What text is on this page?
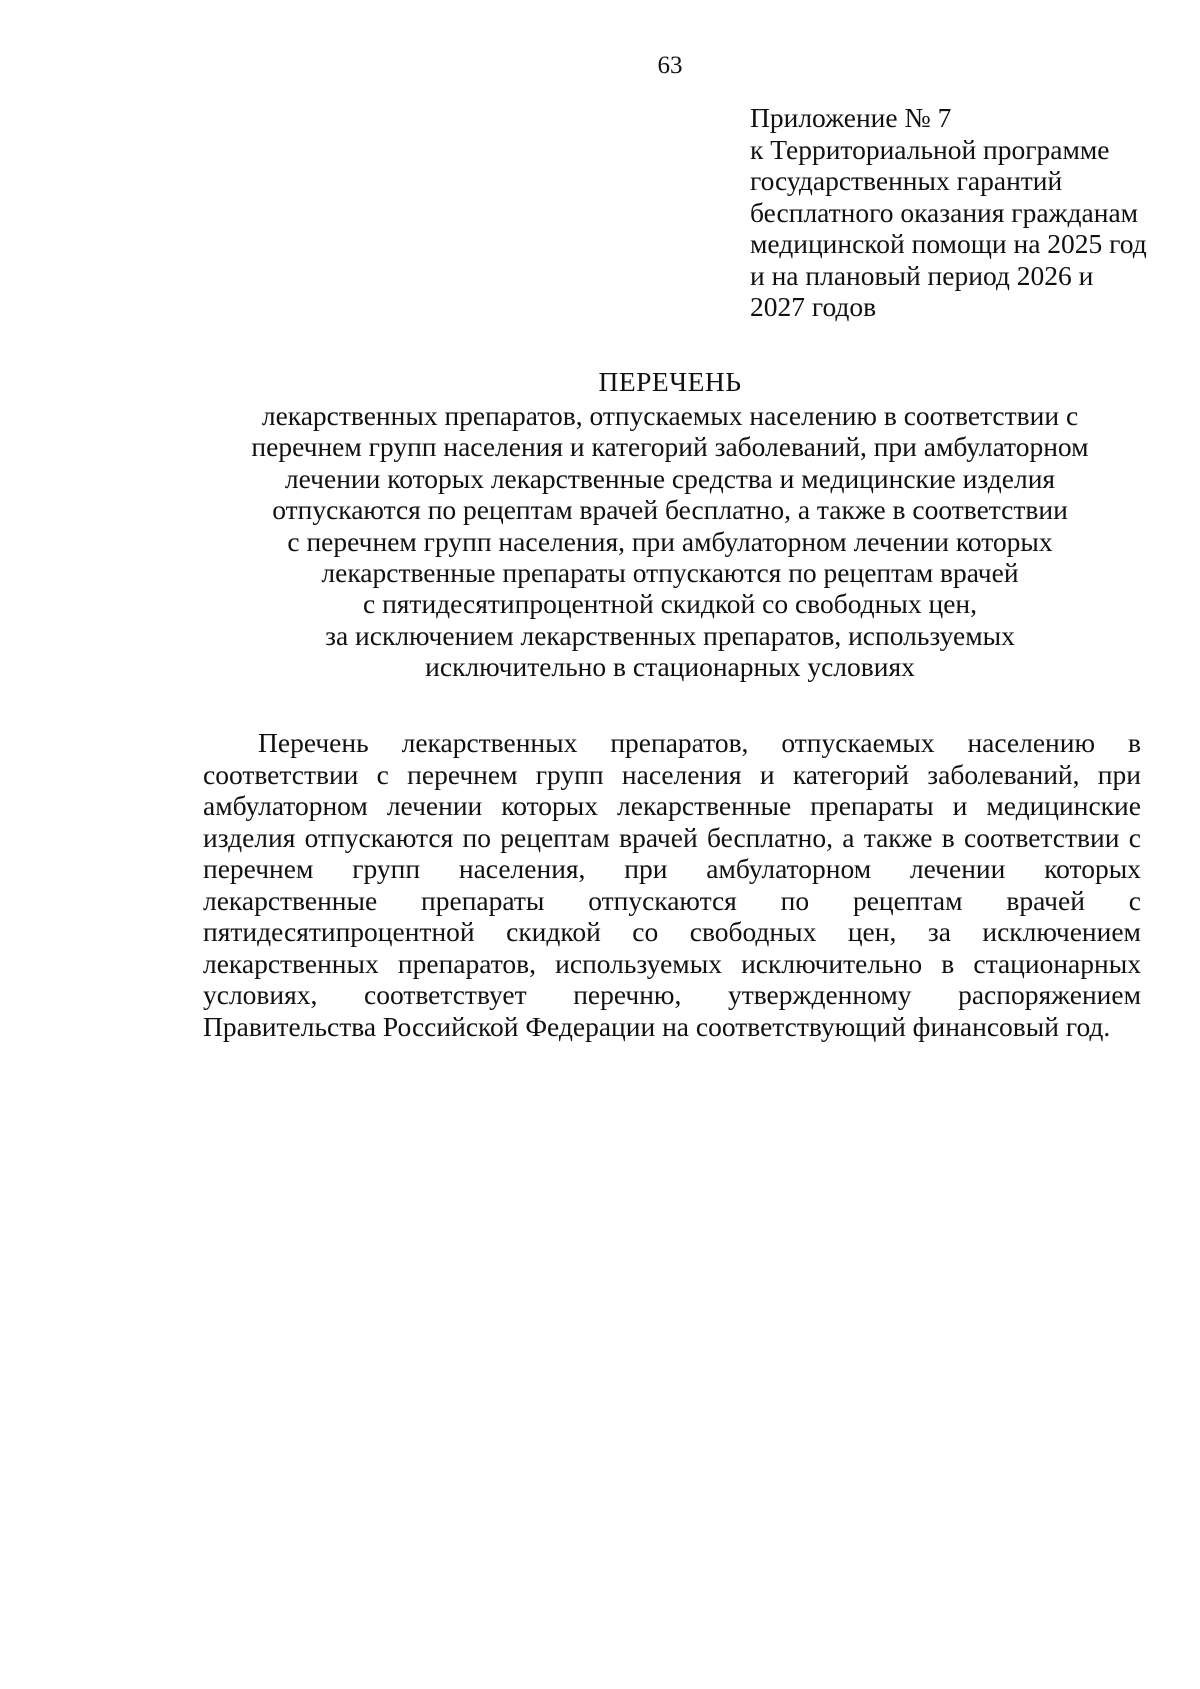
63
Приложение № 7
к Территориальной программе
государственных гарантий
бесплатного оказания гражданам
медицинской помощи на 2025 год
и на плановый период 2026 и
2027 годов
ПЕРЕЧЕНЬ
лекарственных препаратов, отпускаемых населению в соответствии с
перечнем групп населения и категорий заболеваний, при амбулаторном
лечении которых лекарственные средства и медицинские изделия
отпускаются по рецептам врачей бесплатно, а также в соответствии
с перечнем групп населения, при амбулаторном лечении которых
лекарственные препараты отпускаются по рецептам врачей
с пятидесятипроцентной скидкой со свободных цен,
за исключением лекарственных препаратов, используемых
исключительно в стационарных условиях
Перечень лекарственных препаратов, отпускаемых населению в
соответствии с перечнем групп населения и категорий заболеваний, при
амбулаторном лечении которых лекарственные препараты и медицинские
изделия отпускаются по рецептам врачей бесплатно, а также в соответствии с
перечнем групп населения, при амбулаторном лечении которых
лекарственные препараты отпускаются по рецептам врачей с
пятидесятипроцентной скидкой со свободных цен, за исключением
лекарственных препаратов, используемых исключительно в стационарных
условиях, соответствует перечню, утвержденному распоряжением
Правительства Российской Федерации на соответствующий финансовый год.
